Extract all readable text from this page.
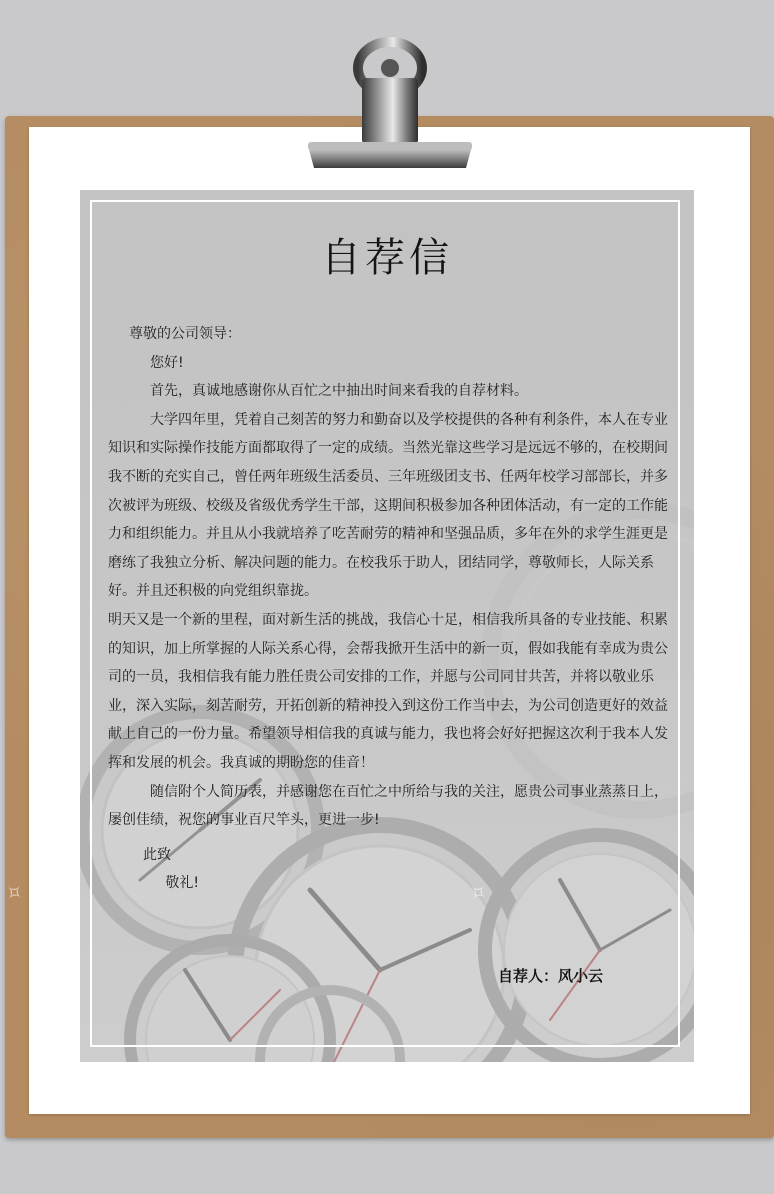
自荐信

尊敬的公司领导：

您好!

首先，真诚地感谢你从百忙之中抽出时间来看我的自荐材料。

大学四年里，凭着自己刻苦的努力和勤奋以及学校提供的各种有利条件，本人在专业知识和实际操作技能方面都取得了一定的成绩。当然光靠这些学习是远远不够的，在校期间我不断的充实自己，曾任两年班级生活委员、三年班级团支书、任两年校学习部部长，并多次被评为班级、校级及省级优秀学生干部，这期间积极参加各种团体活动，有一定的工作能力和组织能力。并且从小我就培养了吃苦耐劳的精神和坚强品质，多年在外的求学生涯更是磨练了我独立分析、解决问题的能力。在校我乐于助人，团结同学，尊敬师长，人际关系好。并且还积极的向党组织靠拢。

明天又是一个新的里程，面对新生活的挑战，我信心十足，相信我所具备的专业技能、积累的知识，加上所掌握的人际关系心得，会帮我掀开生活中的新一页，假如我能有幸成为贵公司的一员，我相信我有能力胜任贵公司安排的工作，并愿与公司同甘共苦，并将以敬业乐业，深入实际，刻苦耐劳，开拓创新的精神投入到这份工作当中去，为公司创造更好的效益献上自己的一份力量。希望领导相信我的真诚与能力，我也将会好好把握这次利于我本人发挥和发展的机会。我真诚的期盼您的佳音！

随信附个人简历表，并感谢您在百忙之中所给与我的关注，愿贵公司事业蒸蒸日上，屡创佳绩，祝您的事业百尺竿头，更进一步!

此致

敬礼!

自荐人：风小云
✧	✧
